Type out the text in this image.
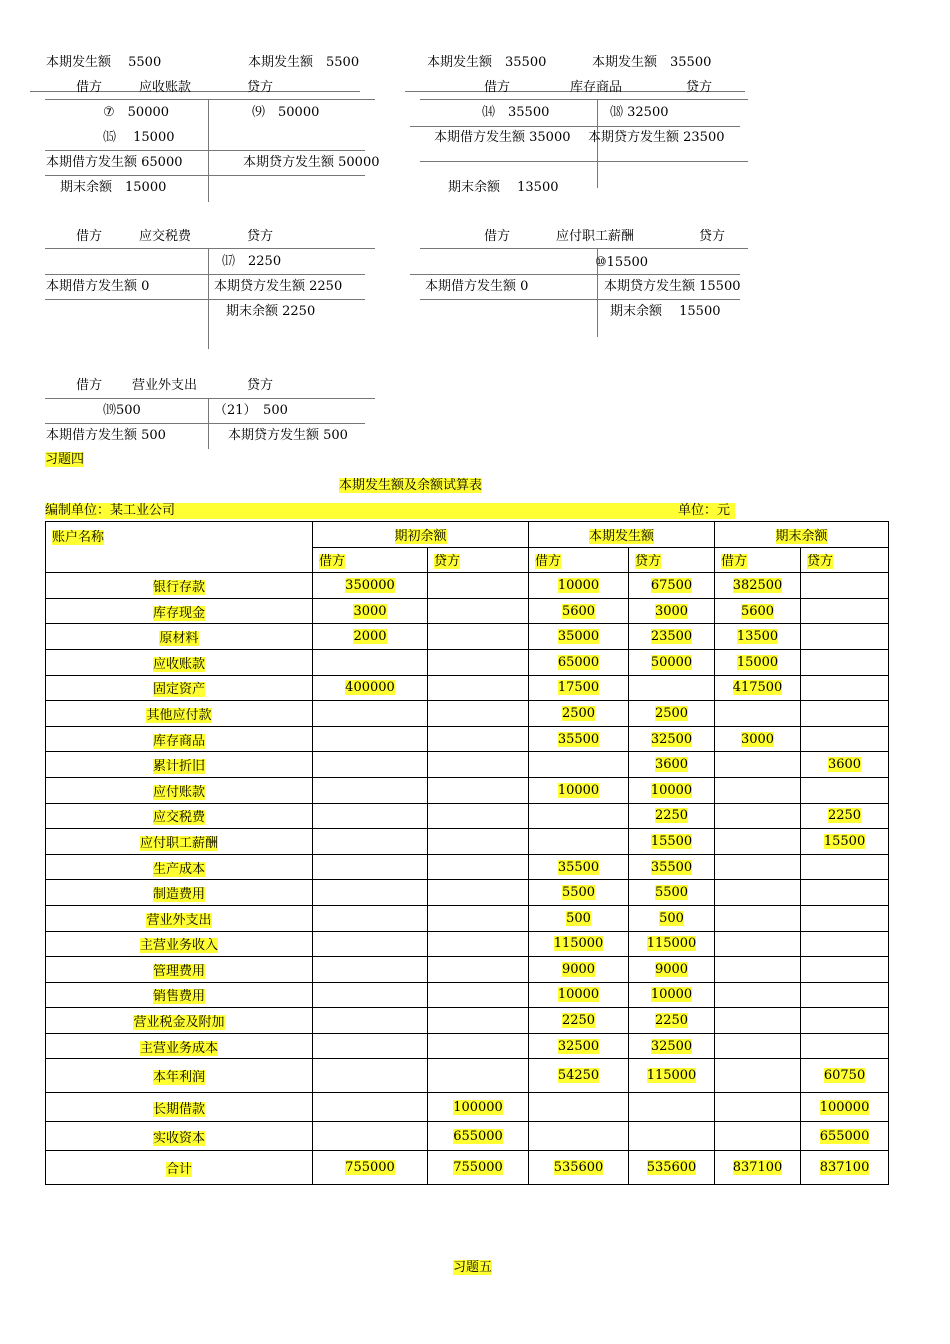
本期发生额　 5500	本期发生额　5500
借方	应收账款	贷方
⑦　50000
⒂　 15000
⑼　50000
本期借方发生额 65000	本期贷方发生额 50000
期末余额　15000
本期发生额　35500	本期发生额　35500
借方	库存商品	贷方
⒁　35500	⒅ 32500
本期借方发生额 35000 本期贷方发生额 23500
期末余额　 13500
借方	应交税费	贷方
⒄　2250
本期借方发生额 0	本期贷方发生额 2250
期末余额 2250
借方	应付职工薪酬	贷方
⑩15500
本期借方发生额 0	本期贷方发生额 15500
期末余额　 15500
借方 营业外支出	贷方
⒆500	（21）　500
本期借方发生额 500	本期贷方发生额 500
习题四
本期发生额及余额试算表
编制单位：某工业公司	单位：元
账户名称	期初余额		本期发生额		期末余额	
	借方	贷方	借方	贷方	借方	贷方
银行存款	350000		10000	67500	382500	
库存现金	3000		5600	3000	5600	
原材料	2000		35000	23500	13500	
应收账款			65000	50000	15000	
固定资产	400000		17500		417500	
其他应付款			2500	2500		
库存商品			35500	32500	3000	
累计折旧				3600		3600
应付账款			10000	10000		
应交税费				2250		2250
应付职工薪酬				15500		15500
生产成本			35500	35500		
制造费用			5500	5500		
营业外支出			500	500		
主营业务收入			115000	115000		
管理费用			9000	9000		
销售费用			10000	10000		
营业税金及附加			2250	2250		
主营业务成本			32500	32500		
本年利润			54250	115000		60750
长期借款		100000				100000
实收资本		655000				655000
合计	755000	755000	535600	535600	837100	837100
习题五
